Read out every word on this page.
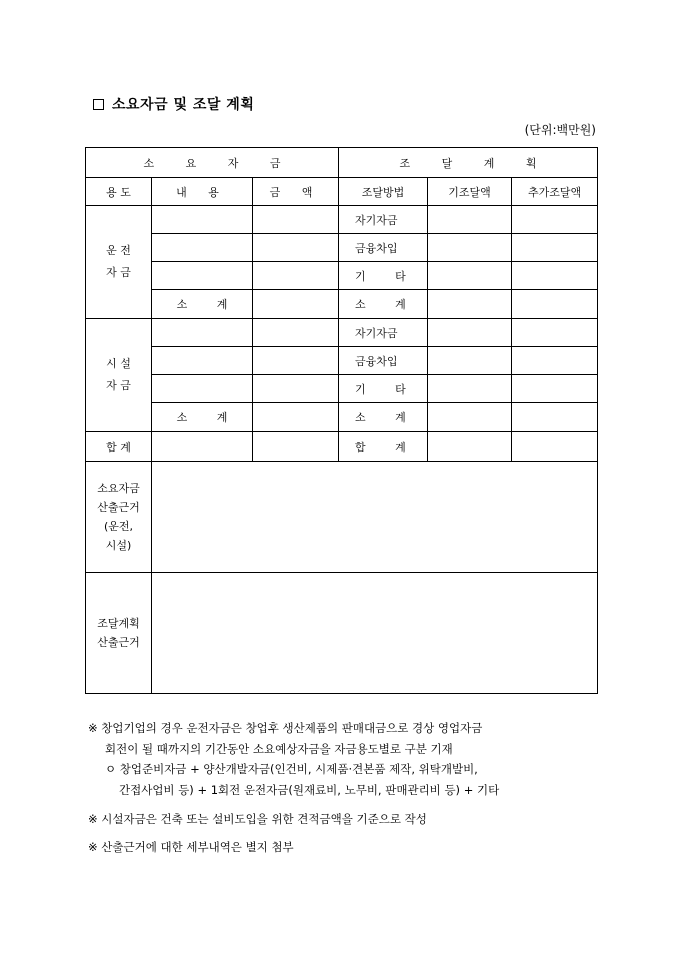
소요자금 및 조달 계획
(단위:백만원)
소 요 자 금			조 달 계 획		
용 도	내 용	금 액	조달방법	기조달액	추가조달액

운 전
자 금			자기자금		
			금융차입		
			기 타		
	소 계		소 계		

시 설
자 금			자기자금		
			금융차입		
			기 타		
	소 계		소 계		
합 계			합 계		

소요자금
산출근거
(운전,
시설)					

조달계획
산출근거					

※ 창업기업의 경우 운전자금은 창업후 생산제품의 판매대금으로 경상 영업자금
회전이 될 때까지의 기간동안 소요예상자금을 자금용도별로 구분 기재
ㅇ 창업준비자금 + 양산개발자금(인건비, 시제품·견본품 제작, 위탁개발비,
간접사업비 등) + 1회전 운전자금(원재료비, 노무비, 판매관리비 등) + 기타
※ 시설자금은 건축 또는 설비도입을 위한 견적금액을 기준으로 작성
※ 산출근거에 대한 세부내역은 별지 첨부
